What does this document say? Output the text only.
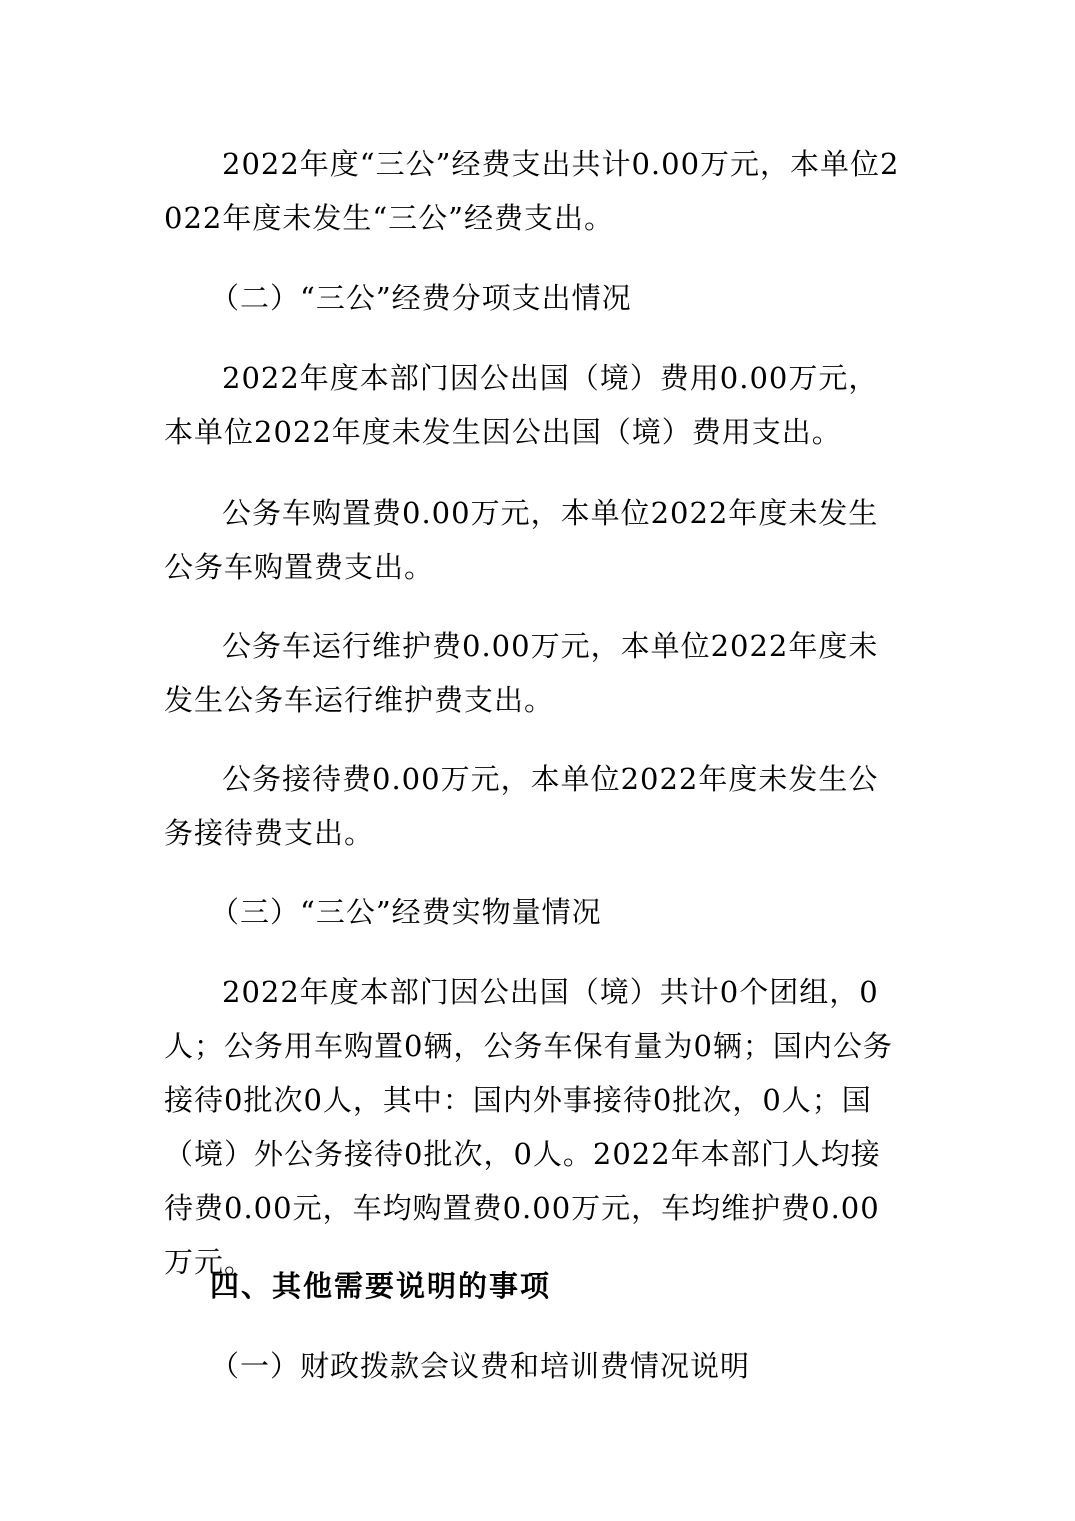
2022年度“三公”经费支出共计0.00万元，本单位2022年度未发生“三公”经费支出。

（二）“三公”经费分项支出情况

2022年度本部门因公出国（境）费用0.00万元，本单位2022年度未发生因公出国（境）费用支出。

公务车购置费0.00万元，本单位2022年度未发生公务车购置费支出。

公务车运行维护费0.00万元，本单位2022年度未发生公务车运行维护费支出。

公务接待费0.00万元，本单位2022年度未发生公务接待费支出。

（三）“三公”经费实物量情况

2022年度本部门因公出国（境）共计0个团组，0人；公务用车购置0辆，公务车保有量为0辆；国内公务接待0批次0人，其中：国内外事接待0批次，0人；国（境）外公务接待0批次，0人。2022年本部门人均接待费0.00元，车均购置费0.00万元，车均维护费0.00万元。

四、其他需要说明的事项

（一）财政拨款会议费和培训费情况说明
